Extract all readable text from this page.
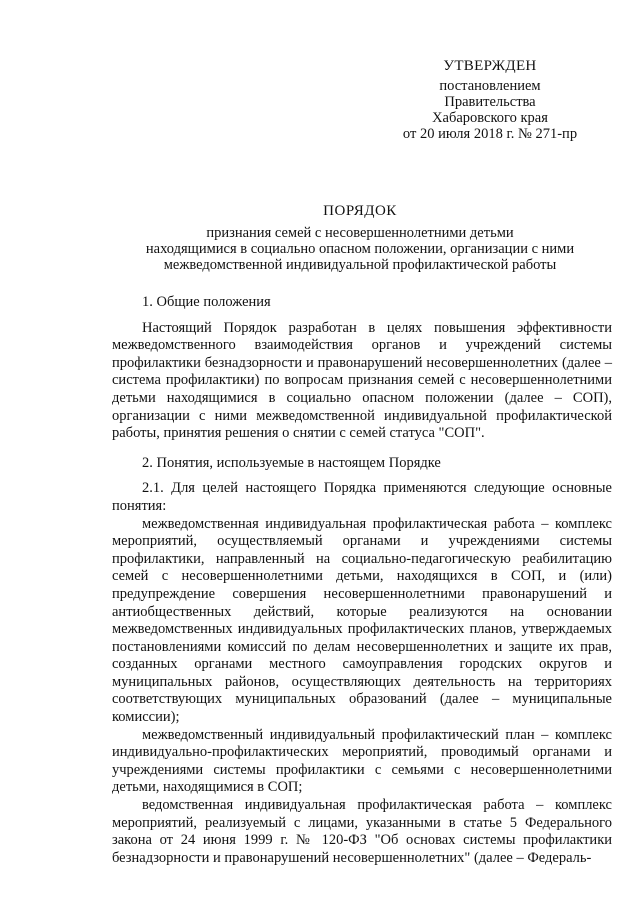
УТВЕРЖДЕН
постановлением
Правительства
Хабаровского края
от 20 июля 2018 г. № 271-пр
ПОРЯДОК
признания семей с несовершеннолетними детьми
находящимися в социально опасном положении, организации с ними
межведомственной индивидуальной профилактической работы
1. Общие положения
Настоящий Порядок разработан в целях повышения эффективности межведомственного взаимодействия органов и учреждений системы профилактики безнадзорности и правонарушений несовершеннолетних (далее – система профилактики) по вопросам признания семей с несовершеннолетними детьми находящимися в социально опасном положении (далее – СОП), организации с ними межведомственной индивидуальной профилактической работы, принятия решения о снятии с семей статуса "СОП".
2. Понятия, используемые в настоящем Порядке
2.1. Для целей настоящего Порядка применяются следующие основные понятия:
межведомственная индивидуальная профилактическая работа – комплекс мероприятий, осуществляемый органами и учреждениями системы профилактики, направленный на социально-педагогическую реабилитацию семей с несовершеннолетними детьми, находящихся в СОП, и (или) предупреждение совершения несовершеннолетними правонарушений и антиобщественных действий, которые реализуются на основании межведомственных индивидуальных профилактических планов, утверждаемых постановлениями комиссий по делам несовершеннолетних и защите их прав, созданных органами местного самоуправления городских округов и муниципальных районов, осуществляющих деятельность на территориях соответствующих муниципальных образований (далее – муниципальные комиссии);
межведомственный индивидуальный профилактический план – комплекс индивидуально-профилактических мероприятий, проводимый органами и учреждениями системы профилактики с семьями с несовершеннолетними детьми, находящимися в СОП;
ведомственная индивидуальная профилактическая работа – комплекс мероприятий, реализуемый с лицами, указанными в статье 5 Федерального закона от 24 июня 1999 г. № 120-ФЗ "Об основах системы профилактики безнадзорности и правонарушений несовершеннолетних" (далее – Федераль-
